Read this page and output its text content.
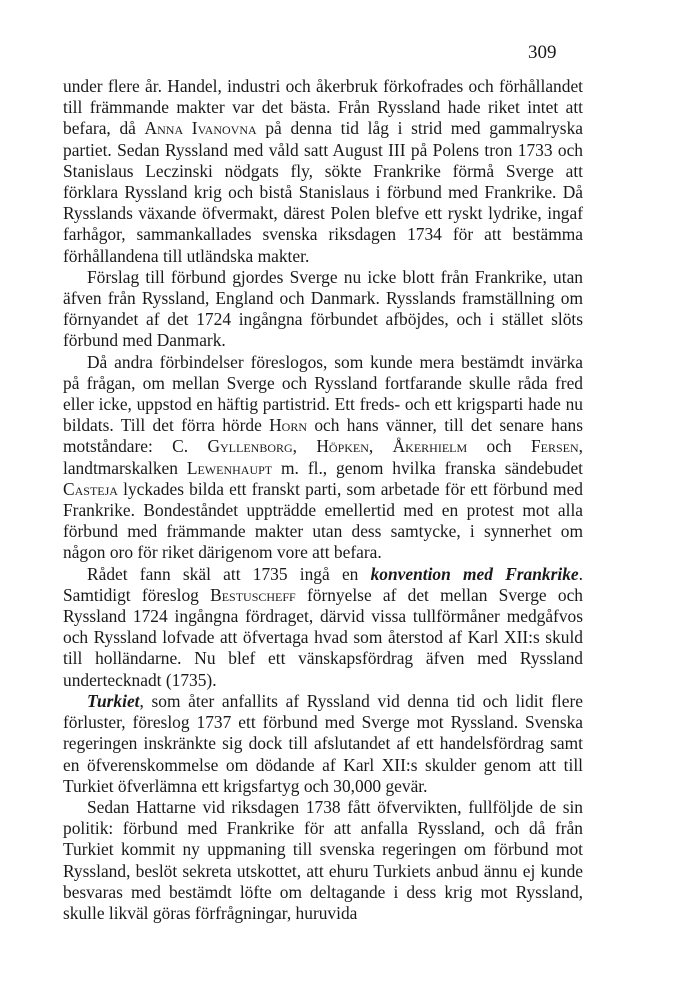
309

under flere år. Handel, industri och åkerbruk förkofrades och förhållandet till främmande makter var det bästa. Från Ryssland hade riket intet att befara, då Anna Ivanovna på denna tid låg i strid med gammalryska partiet. Sedan Ryssland med våld satt August III på Polens tron 1733 och Stanislaus Leczinski nödgats fly, sökte Frankrike förmå Sverge att förklara Ryssland krig och bistå Stanislaus i förbund med Frankrike. Då Rysslands växande öfvermakt, därest Polen blefve ett ryskt lydrike, ingaf farhågor, sammankallades svenska riksdagen 1734 för att bestämma förhållandena till utländska makter.

Förslag till förbund gjordes Sverge nu icke blott från Frankrike, utan äfven från Ryssland, England och Danmark. Rysslands framställning om förnyandet af det 1724 ingångna förbundet afböjdes, och i stället slöts förbund med Danmark.

Då andra förbindelser föreslogos, som kunde mera bestämdt invärka på frågan, om mellan Sverge och Ryssland fortfarande skulle råda fred eller icke, uppstod en häftig partistrid. Ett freds- och ett krigsparti hade nu bildats. Till det förra hörde Horn och hans vänner, till det senare hans motståndare: C. Gyllenborg, Höpken, Åkerhielm och Fersen, landtmarskalken Lewenhaupt m. fl., genom hvilka franska sändebudet Casteja lyckades bilda ett franskt parti, som arbetade för ett förbund med Frankrike. Bondeståndet uppträdde emellertid med en protest mot alla förbund med främmande makter utan dess samtycke, i synnerhet om någon oro för riket därigenom vore att befara.

Rådet fann skäl att 1735 ingå en konvention med Frankrike. Samtidigt föreslog Bestuscheff förnyelse af det mellan Sverge och Ryssland 1724 ingångna fördraget, därvid vissa tullförmåner medgåfvos och Ryssland lofvade att öfvertaga hvad som återstod af Karl XII:s skuld till holländarne. Nu blef ett vänskapsfördrag äfven med Ryssland undertecknadt (1735).

Turkiet, som åter anfallits af Ryssland vid denna tid och lidit flere förluster, föreslog 1737 ett förbund med Sverge mot Ryssland. Svenska regeringen inskränkte sig dock till afslutandet af ett handelsfördrag samt en öfverenskommelse om dödande af Karl XII:s skulder genom att till Turkiet öfverlämna ett krigsfartyg och 30,000 gevär.

Sedan Hattarne vid riksdagen 1738 fått öfvervikten, fullföljde de sin politik: förbund med Frankrike för att anfalla Ryssland, och då från Turkiet kommit ny uppmaning till svenska regeringen om förbund mot Ryssland, beslöt sekreta utskottet, att ehuru Turkiets anbud ännu ej kunde besvaras med bestämdt löfte om deltagande i dess krig mot Ryssland, skulle likväl göras förfrågningar, huruvida
